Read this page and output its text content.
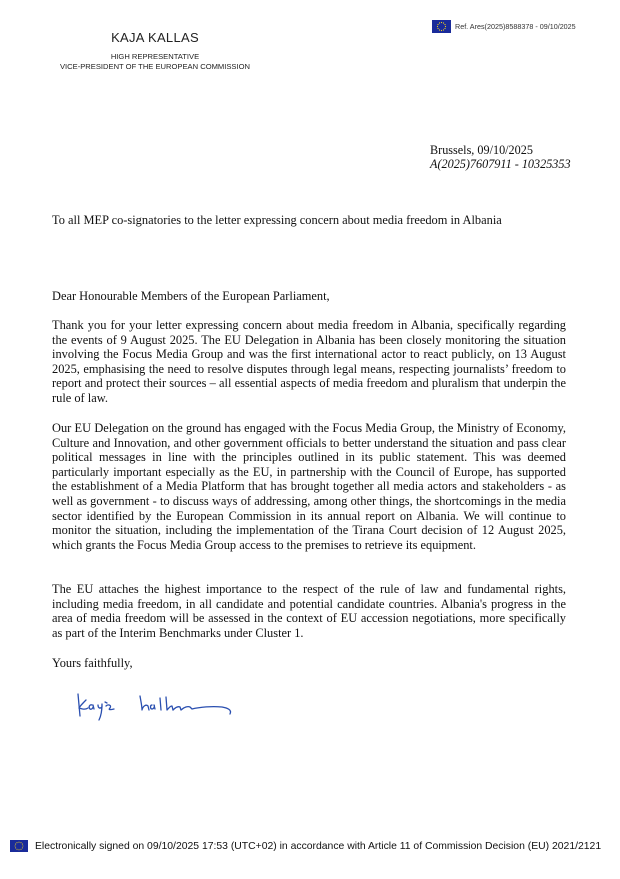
KAJA KALLAS
HIGH REPRESENTATIVE
VICE-PRESIDENT OF THE EUROPEAN COMMISSION
Ref. Ares(2025)8588378 - 09/10/2025
Brussels, 09/10/2025
A(2025)7607911 - 10325353
To all MEP co-signatories to the letter expressing concern about media freedom in Albania
Dear Honourable Members of the European Parliament,

Thank you for your letter expressing concern about media freedom in Albania, specifically regarding the events of 9 August 2025. The EU Delegation in Albania has been closely monitoring the situation involving the Focus Media Group and was the first international actor to react publicly, on 13 August 2025, emphasising the need to resolve disputes through legal means, respecting journalists’ freedom to report and protect their sources – all essential aspects of media freedom and pluralism that underpin the rule of law.

Our EU Delegation on the ground has engaged with the Focus Media Group, the Ministry of Economy, Culture and Innovation, and other government officials to better understand the situation and pass clear political messages in line with the principles outlined in its public statement. This was deemed particularly important especially as the EU, in partnership with the Council of Europe, has supported the establishment of a Media Platform that has brought together all media actors and stakeholders - as well as government - to discuss ways of addressing, among other things, the shortcomings in the media sector identified by the European Commission in its annual report on Albania. We will continue to monitor the situation, including the implementation of the Tirana Court decision of 12 August 2025, which grants the Focus Media Group access to the premises to retrieve its equipment.

The EU attaches the highest importance to the respect of the rule of law and fundamental rights, including media freedom, in all candidate and potential candidate countries. Albania's progress in the area of media freedom will be assessed in the context of EU accession negotiations, more specifically as part of the Interim Benchmarks under Cluster 1.

Yours faithfully,
Electronically signed on 09/10/2025 17:53 (UTC+02) in accordance with Article 11 of Commission Decision (EU) 2021/2121
